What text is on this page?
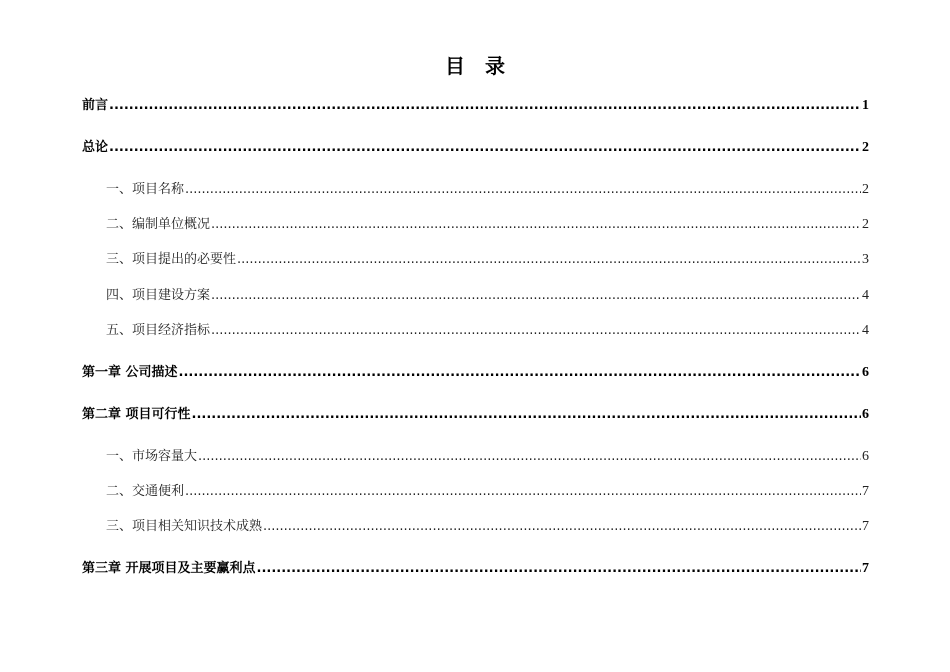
目　录
前言 .....	1
总论 .....	2
一、项目名称 .....	2
二、编制单位概况 .....	2
三、项目提出的必要性 .....	3
四、项目建设方案 .....	4
五、项目经济指标 .....	4
第一章 公司描述 .....	6
第二章 项目可行性 .....	6
一、市场容量大 .....	6
二、交通便利 .....	7
三、项目相关知识技术成熟 .....	7
第三章 开展项目及主要赢利点 .....	7
